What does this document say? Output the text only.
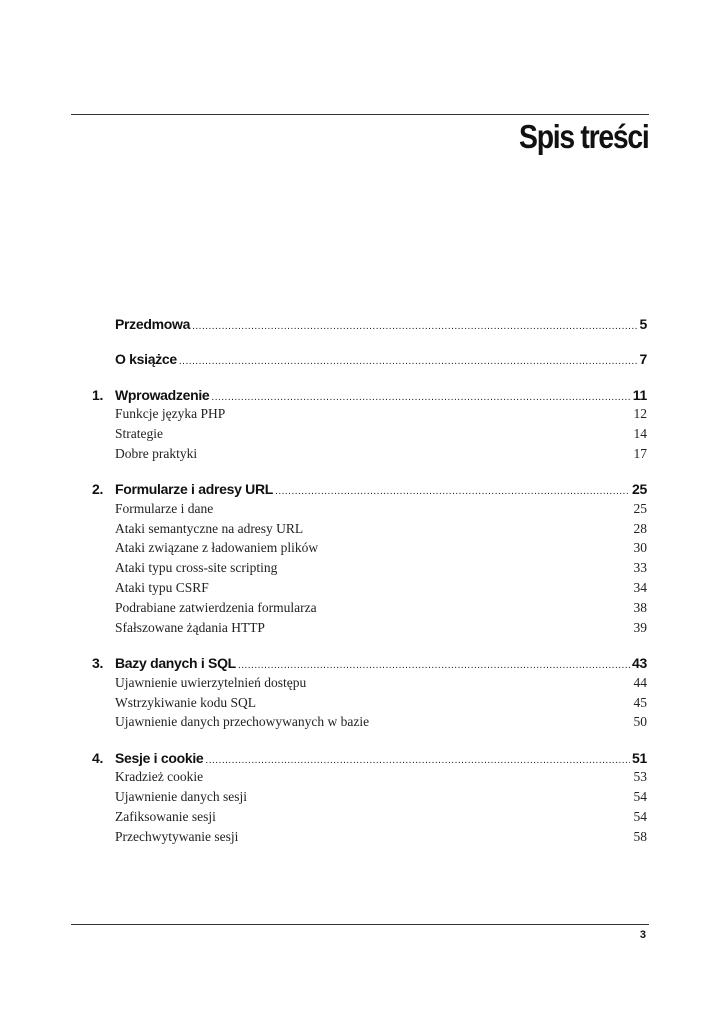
Spis treści
Przedmowa .....	5
O książce .....	7
1. Wprowadzenie .....	11
Funkcje języka PHP	12
Strategie	14
Dobre praktyki	17
2. Formularze i adresy URL .....	25
Formularze i dane	25
Ataki semantyczne na adresy URL	28
Ataki związane z ładowaniem plików	30
Ataki typu cross-site scripting	33
Ataki typu CSRF	34
Podrabiane zatwierdzenia formularza	38
Sfałszowane żądania HTTP	39
3. Bazy danych i SQL .....	43
Ujawnienie uwierzytelnień dostępu	44
Wstrzykiwanie kodu SQL	45
Ujawnienie danych przechowywanych w bazie	50
4. Sesje i cookie .....	51
Kradzież cookie	53
Ujawnienie danych sesji	54
Zafiksowanie sesji	54
Przechwytywanie sesji	58
3
